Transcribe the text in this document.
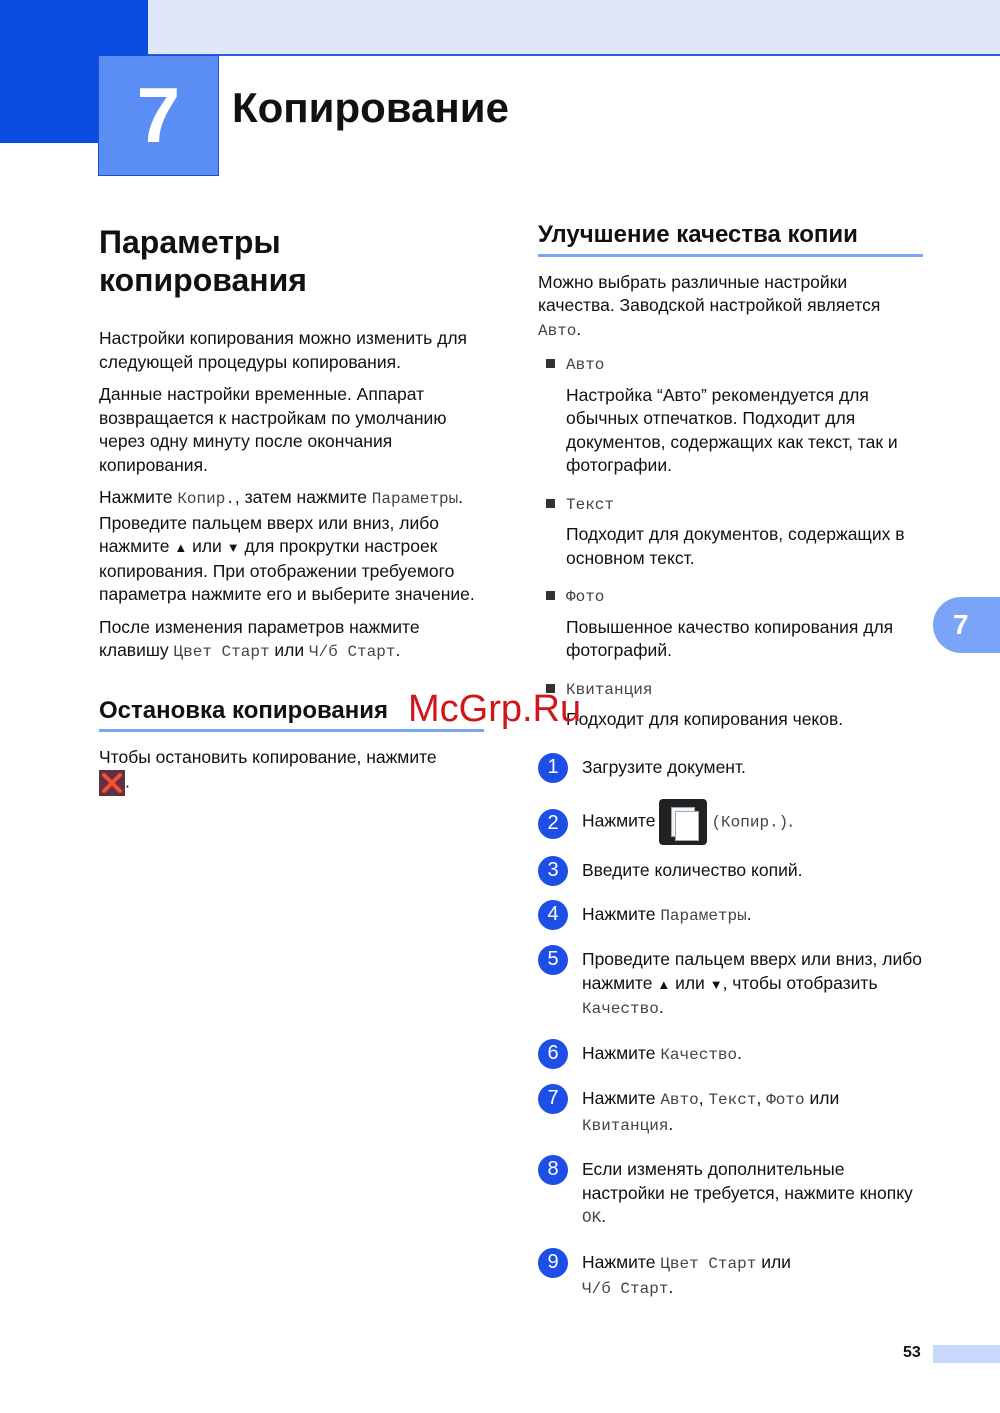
7 Копирование
7
Параметры копирования

Настройки копирования можно изменить для следующей процедуры копирования.

Данные настройки временные. Аппарат возвращается к настройкам по умолчанию через одну минуту после окончания копирования.

Нажмите Копир., затем нажмите Параметры. Проведите пальцем вверх или вниз, либо нажмите ▲ или ▼ для прокрутки настроек копирования. При отображении требуемого параметра нажмите его и выберите значение.

После изменения параметров нажмите клавишу Цвет Старт или Ч/б Старт.

Остановка копирования

Чтобы остановить копирование, нажмите

.

Улучшение качества копии

Можно выбрать различные настройки качества. Заводской настройкой является Авто.

Авто

Настройка “Авто” рекомендуется для обычных отпечатков. Подходит для документов, содержащих как текст, так и фотографии.

Текст

Подходит для документов, содержащих в основном текст.

Фото

Повышенное качество копирования для фотографий.

Квитанция

Подходит для копирования чеков.

1	Загрузите документ.
2	Нажмите	(Копир.).
3	Введите количество копий.
4	Нажмите Параметры.
5	Проведите пальцем вверх или вниз, либо нажмите ▲ или ▼, чтобы отобразить Качество.
6	Нажмите Качество.
7	Нажмите Авто, Текст, Фото или Квитанция.
8	Если изменять дополнительные настройки не требуется, нажмите кнопку OK.
9	Нажмите Цвет Старт или
Ч/б Старт.
McGrp.Ru
53
